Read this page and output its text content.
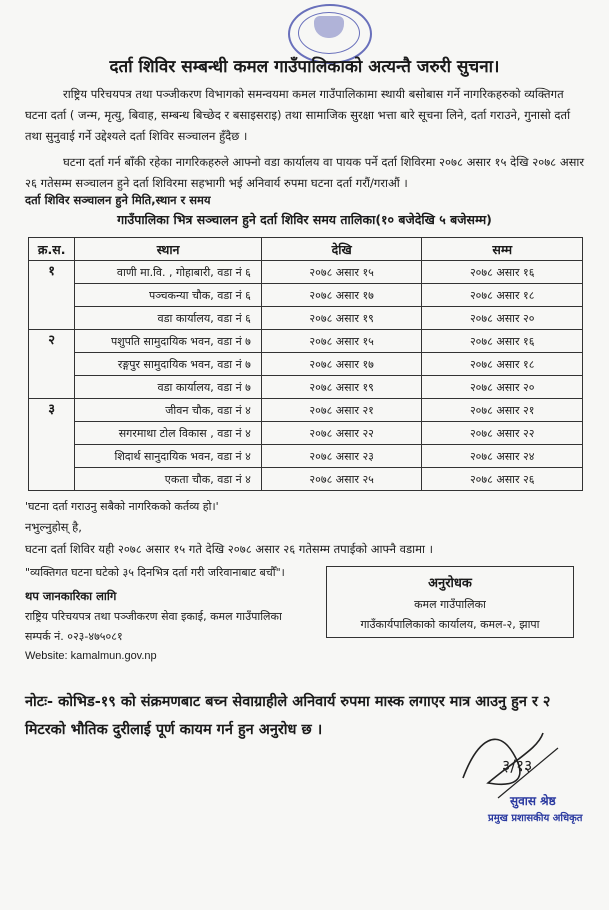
दर्ता शिविर सम्बन्धी कमल गाउँपालिकाको अत्यन्तै जरुरी सुचना।
राष्ट्रिय परिचयपत्र तथा पञ्जीकरण विभागको समन्वयमा कमल गाउँपालिकामा स्थायी बसोबास गर्ने नागरिकहरुको व्यक्तिगत घटना दर्ता ( जन्म, मृत्यु, बिवाह, सम्बन्ध बिच्छेद र बसाइसराइ) तथा सामाजिक सुरक्षा भत्ता बारे सूचना लिने, दर्ता गराउने, गुनासो दर्ता तथा सुनुवाई गर्ने उद्देश्यले दर्ता शिविर सञ्चालन हुँदैछ ।
घटना दर्ता गर्न बाँकी रहेका नागरिकहरुले आफ्नो वडा कार्यालय वा पायक पर्ने दर्ता शिविरमा २०७८ असार १५ देखि २०७८ असार २६ गतेसम्म सञ्चालन हुने दर्ता शिविरमा सहभागी भई अनिवार्य रुपमा घटना दर्ता गरौं/गराऔं ।
दर्ता शिविर सञ्चालन हुने मिति,स्थान र समय
गाउँपालिका भित्र सञ्चालन हुने दर्ता शिविर समय तालिका(१० बजेदेखि ५ बजेसम्म)
क्र.स.	स्थान	देखि	सम्म
१	वाणी मा.वि. , गोहाबारी, वडा नं ६	२०७८ असार १५	२०७८ असार १६
	पञ्चकन्या चौक, वडा नं ६	२०७८ असार १७	२०७८ असार १८
	वडा कार्यालय, वडा नं ६	२०७८ असार १९	२०७८ असार २०
२	पशुपति सामुदायिक भवन, वडा नं ७	२०७८ असार १५	२०७८ असार १६
	रङ्गपुर सामुदायिक भवन, वडा नं ७	२०७८ असार १७	२०७८ असार १८
	वडा कार्यालय, वडा नं ७	२०७८ असार १९	२०७८ असार २०
३	जीवन चौक, वडा नं ४	२०७८ असार २१	२०७८ असार २१
	सगरमाथा टोल विकास , वडा नं ४	२०७८ असार २२	२०७८ असार २२
	शिदार्थ सानुदायिक भवन, वडा नं ४	२०७८ असार २३	२०७८ असार २४
	एकता चौक, वडा नं ४	२०७८ असार २५	२०७८ असार २६
'घटना दर्ता गराउनु सबैको नागरिकको कर्तव्य हो।'
नभुल्नुहोस् है,
घटना दर्ता शिविर यही २०७८ असार १५ गते देखि २०७८ असार २६ गतेसम्म तपाईको आफ्नै वडामा ।
"व्यक्तिगत घटना घटेको ३५ दिनभित्र दर्ता गरी जरिवानाबाट बचौँ"।
थप जानकारिका लागि
राष्ट्रिय परिचयपत्र तथा पञ्जीकरण सेवा इकाई, कमल गाउँपालिका
सम्पर्क नं. ०२३-४७५०८१
Website: kamalmun.gov.np
अनुरोधक
कमल गाउँपालिका
गाउँकार्यपालिकाको कार्यालय, कमल-२, झापा
नोटः- कोभिड-१९ को संक्रमणबाट बच्न सेवाग्राहीले अनिवार्य रुपमा मास्क लगाएर मात्र आउनु हुन र २ मिटरको भौतिक दुरीलाई पूर्ण कायम गर्न हुन अनुरोध छ ।
३/१३
सुवास श्रेष्ठ
प्रमुख प्रशासकीय अधिकृत
